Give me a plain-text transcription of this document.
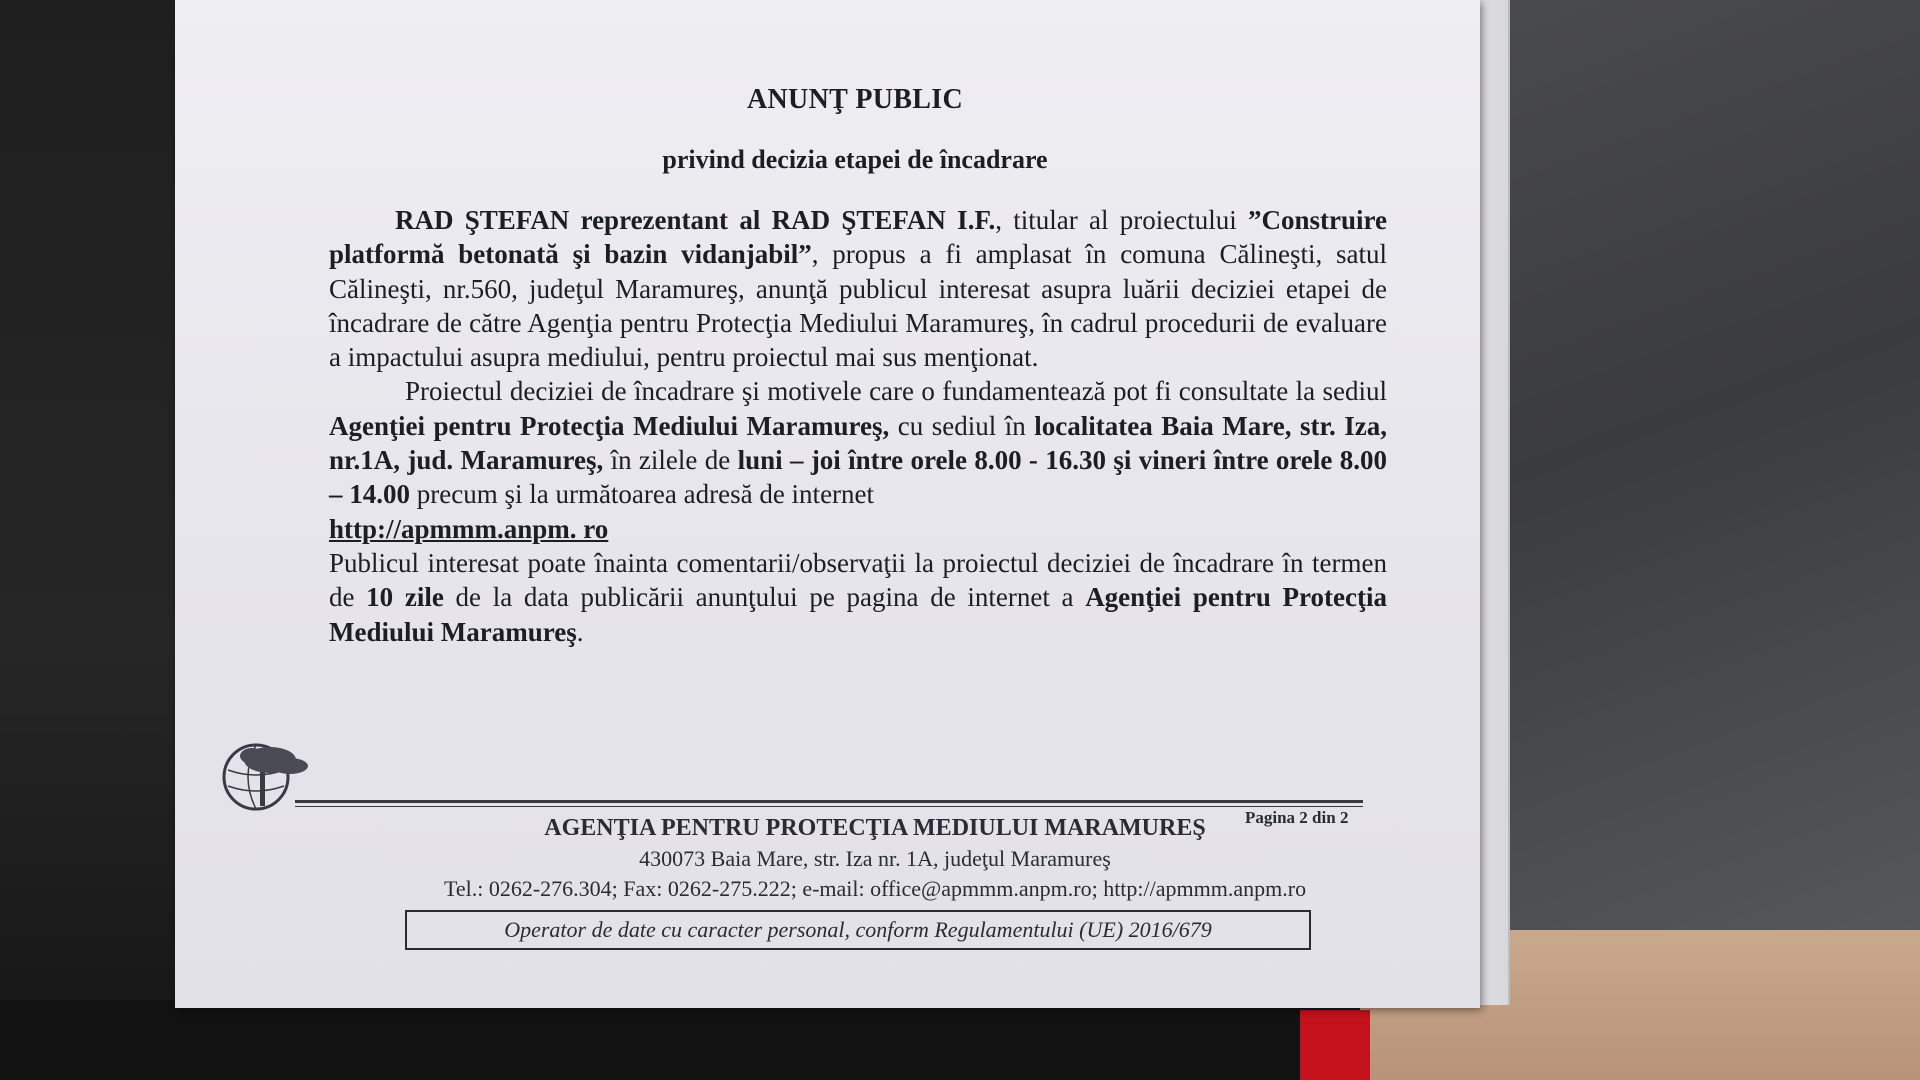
ANUNŢ PUBLIC
privind decizia etapei de încadrare

RAD ŞTEFAN reprezentant al RAD ŞTEFAN I.F., titular al proiectului ”Construire platformă betonată şi bazin vidanjabil”, propus a fi amplasat în comuna Călineşti, satul Călineşti, nr.560, judeţul Maramureş, anunţă publicul interesat asupra luării deciziei etapei de încadrare de către Agenţia pentru Protecţia Mediului Maramureş, în cadrul procedurii de evaluare a impactului asupra mediului, pentru proiectul mai sus menţionat.

Proiectul deciziei de încadrare şi motivele care o fundamentează pot fi consultate la sediul Agenţiei pentru Protecţia Mediului Maramureş, cu sediul în localitatea Baia Mare, str. Iza, nr.1A, jud. Maramureş, în zilele de luni – joi între orele 8.00 - 16.30 şi vineri între orele 8.00 – 14.00 precum şi la următoarea adresă de internet

http://apmmm.anpm. ro

Publicul interesat poate înainta comentarii/observaţii la proiectul deciziei de încadrare în termen de 10 zile de la data publicării anunţului pe pagina de internet a Agenţiei pentru Protecţia Mediului Maramureş.

Pagina 2 din 2
AGENŢIA PENTRU PROTECŢIA MEDIULUI MARAMUREŞ
430073 Baia Mare, str. Iza nr. 1A, judeţul Maramureş
Tel.: 0262-276.304; Fax: 0262-275.222; e-mail: office@apmmm.anpm.ro; http://apmmm.anpm.ro
Operator de date cu caracter personal, conform Regulamentului (UE) 2016/679
